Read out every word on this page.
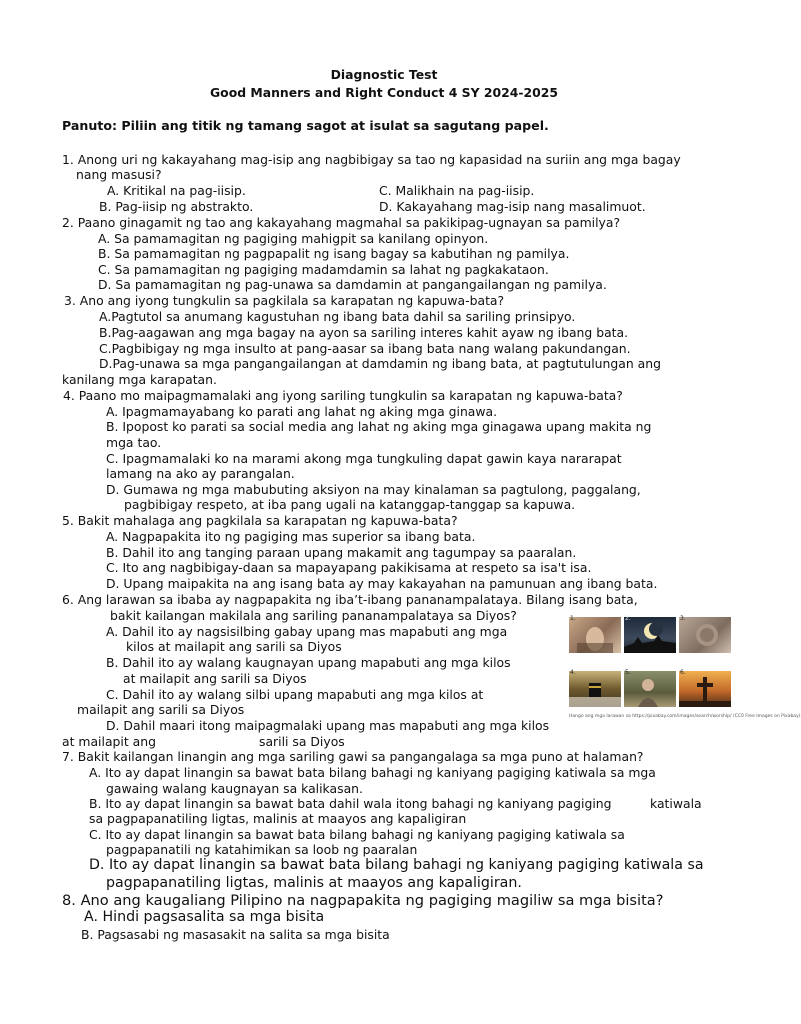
Diagnostic Test
Good Manners and Right Conduct 4 SY 2024-2025
Panuto: Piliin ang titik ng tamang sagot at isulat sa sagutang papel.
1. Anong uri ng kakayahang mag-isip ang nagbibigay sa tao ng kapasidad na suriin ang mga bagay
nang masusi?
A. Kritikal na pag-iisip.
B. Pag-iisip ng abstrakto.
C. Malikhain na pag-iisip.
D. Kakayahang mag-isip nang masalimuot.
2. Paano ginagamit ng tao ang kakayahang magmahal sa pakikipag-ugnayan sa pamilya?
A. Sa pamamagitan ng pagiging mahigpit sa kanilang opinyon.
B. Sa pamamagitan ng pagpapalit ng isang bagay sa kabutihan ng pamilya.
C. Sa pamamagitan ng pagiging madamdamin sa lahat ng pagkakataon.
D. Sa pamamagitan ng pag-unawa sa damdamin at pangangailangan ng pamilya.
3. Ano ang iyong tungkulin sa pagkilala sa karapatan ng kapuwa-bata?
A.Pagtutol sa anumang kagustuhan ng ibang bata dahil sa sariling prinsipyo.
B.Pag-aagawan ang mga bagay na ayon sa sariling interes kahit ayaw ng ibang bata.
C.Pagbibigay ng mga insulto at pang-aasar sa ibang bata nang walang pakundangan.
D.Pag-unawa sa mga pangangailangan at damdamin ng ibang bata, at pagtutulungan ang
kanilang mga karapatan.
4. Paano mo maipagmamalaki ang iyong sariling tungkulin sa karapatan ng kapuwa-bata?
A. Ipagmamayabang ko parati ang lahat ng aking mga ginawa.
B. Ipopost ko parati sa social media ang lahat ng aking mga ginagawa upang makita ng
mga tao.
C. Ipagmamalaki ko na marami akong mga tungkuling dapat gawin kaya nararapat
lamang na ako ay parangalan.
D. Gumawa ng mga mabubuting aksiyon na may kinalaman sa pagtulong, paggalang,
pagbibigay respeto, at iba pang ugali na katanggap-tanggap sa kapuwa.
5. Bakit mahalaga ang pagkilala sa karapatan ng kapuwa-bata?
A. Nagpapakita ito ng pagiging mas superior sa ibang bata.
B. Dahil ito ang tanging paraan upang makamit ang tagumpay sa paaralan.
C. Ito ang nagbibigay-daan sa mapayapang pakikisama at respeto sa isa't isa.
D. Upang maipakita na ang isang bata ay may kakayahan na pamunuan ang ibang bata.
6. Ang larawan sa ibaba ay nagpapakita ng iba’t-ibang pananampalataya. Bilang isang bata,
bakit kailangan makilala ang sariling pananampalataya sa Diyos?
A. Dahil ito ay nagsisilbing gabay upang mas mapabuti ang mga
kilos at mailapit ang sarili sa Diyos
B. Dahil ito ay walang kaugnayan upang mapabuti ang mga kilos
at mailapit ang sarili sa Diyos
C. Dahil ito ay walang silbi upang mapabuti ang mga kilos at
mailapit ang sarili sa Diyos
D. Dahil maari itong maipagmalaki upang mas mapabuti ang mga kilos
at mailapit ang	sarili sa Diyos
1.	2.	3.
4.	5.	6.
Hango ang mga larawan sa https://pixabay.com/images/search/worship/ (CC0 Free Images on Pixabay)
7. Bakit kailangan linangin ang mga sariling gawi sa pangangalaga sa mga puno at halaman?
A. Ito ay dapat linangin sa bawat bata bilang bahagi ng kaniyang pagiging katiwala sa mga
gawaing walang kaugnayan sa kalikasan.
B. Ito ay dapat linangin sa bawat bata dahil wala itong bahagi ng kaniyang pagiging	katiwala
sa pagpapanatiling ligtas, malinis at maayos ang kapaligiran
C. Ito ay dapat linangin sa bawat bata bilang bahagi ng kaniyang pagiging katiwala sa
pagpapanatili ng katahimikan sa loob ng paaralan
D. Ito ay dapat linangin sa bawat bata bilang bahagi ng kaniyang pagiging katiwala sa
pagpapanatiling ligtas, malinis at maayos ang kapaligiran.
8. Ano ang kaugaliang Pilipino na nagpapakita ng pagiging magiliw sa mga bisita?
A. Hindi pagsasalita sa mga bisita
B. Pagsasabi ng masasakit na salita sa mga bisita
